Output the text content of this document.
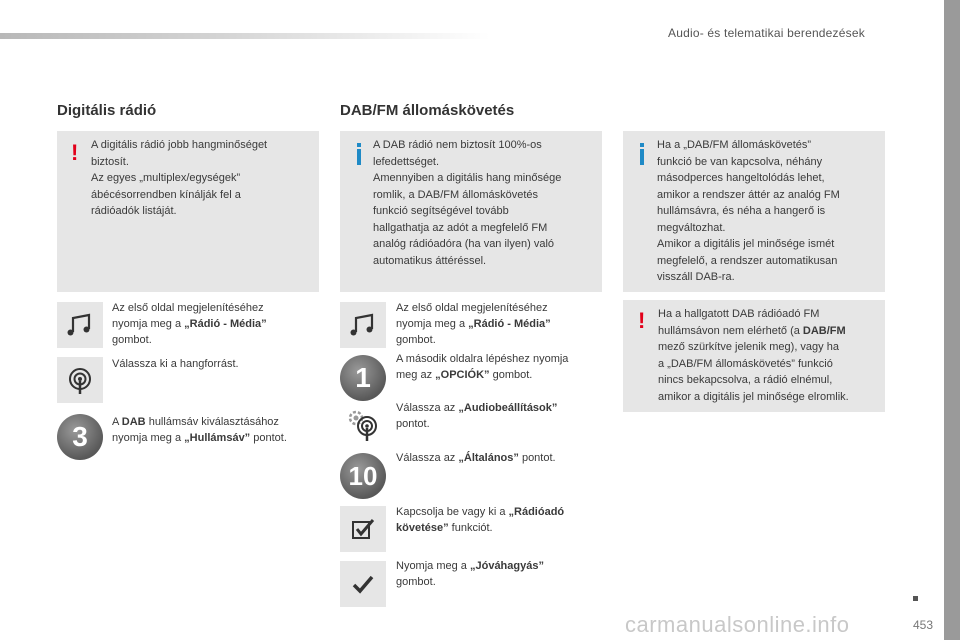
Audio- és telematikai berendezések
Digitális rádió
! A digitális rádió jobb hangminőséget
biztosít.
Az egyes „multiplex/egységek”
ábécésorrendben kínálják fel a
rádióadók listáját.
Az első oldal megjelenítéséhez
nyomja meg a „Rádió - Média”
gombot.
Válassza ki a hangforrást.
3	A DAB hullámsáv kiválasztásához
nyomja meg a „Hullámsáv” pontot.
DAB/FM állomáskövetés
A DAB rádió nem biztosít 100%-os
lefedettséget.
Amennyiben a digitális hang minősége
romlik, a DAB/FM állomáskövetés
funkció segítségével tovább
hallgathatja az adót a megfelelő FM
analóg rádióadóra (ha van ilyen) való
automatikus áttéréssel.
Az első oldal megjelenítéséhez
nyomja meg a „Rádió - Média”
gombot.
1
A második oldalra lépéshez nyomja
meg az „OPCIÓK” gombot.
Válassza az „Audiobeállítások”
pontot.
10
Válassza az „Általános” pontot.
Kapcsolja be vagy ki a „Rádióadó
követése” funkciót.
Nyomja meg a „Jóváhagyás”
gombot.
Ha a „DAB/FM állomáskövetés”
funkció be van kapcsolva, néhány
másodperces hangeltolódás lehet,
amikor a rendszer áttér az analóg FM
hullámsávra, és néha a hangerő is
megváltozhat.
Amikor a digitális jel minősége ismét
megfelelő, a rendszer automatikusan
visszáll DAB-ra.
! Ha a hallgatott DAB rádióadó FM
hullámsávon nem elérhető (a DAB/FM
mező szürkítve jelenik meg), vagy ha
a „DAB/FM állomáskövetés” funkció
nincs bekapcsolva, a rádió elnémul,
amikor a digitális jel minősége elromlik.
carmanualsonline.info	453
